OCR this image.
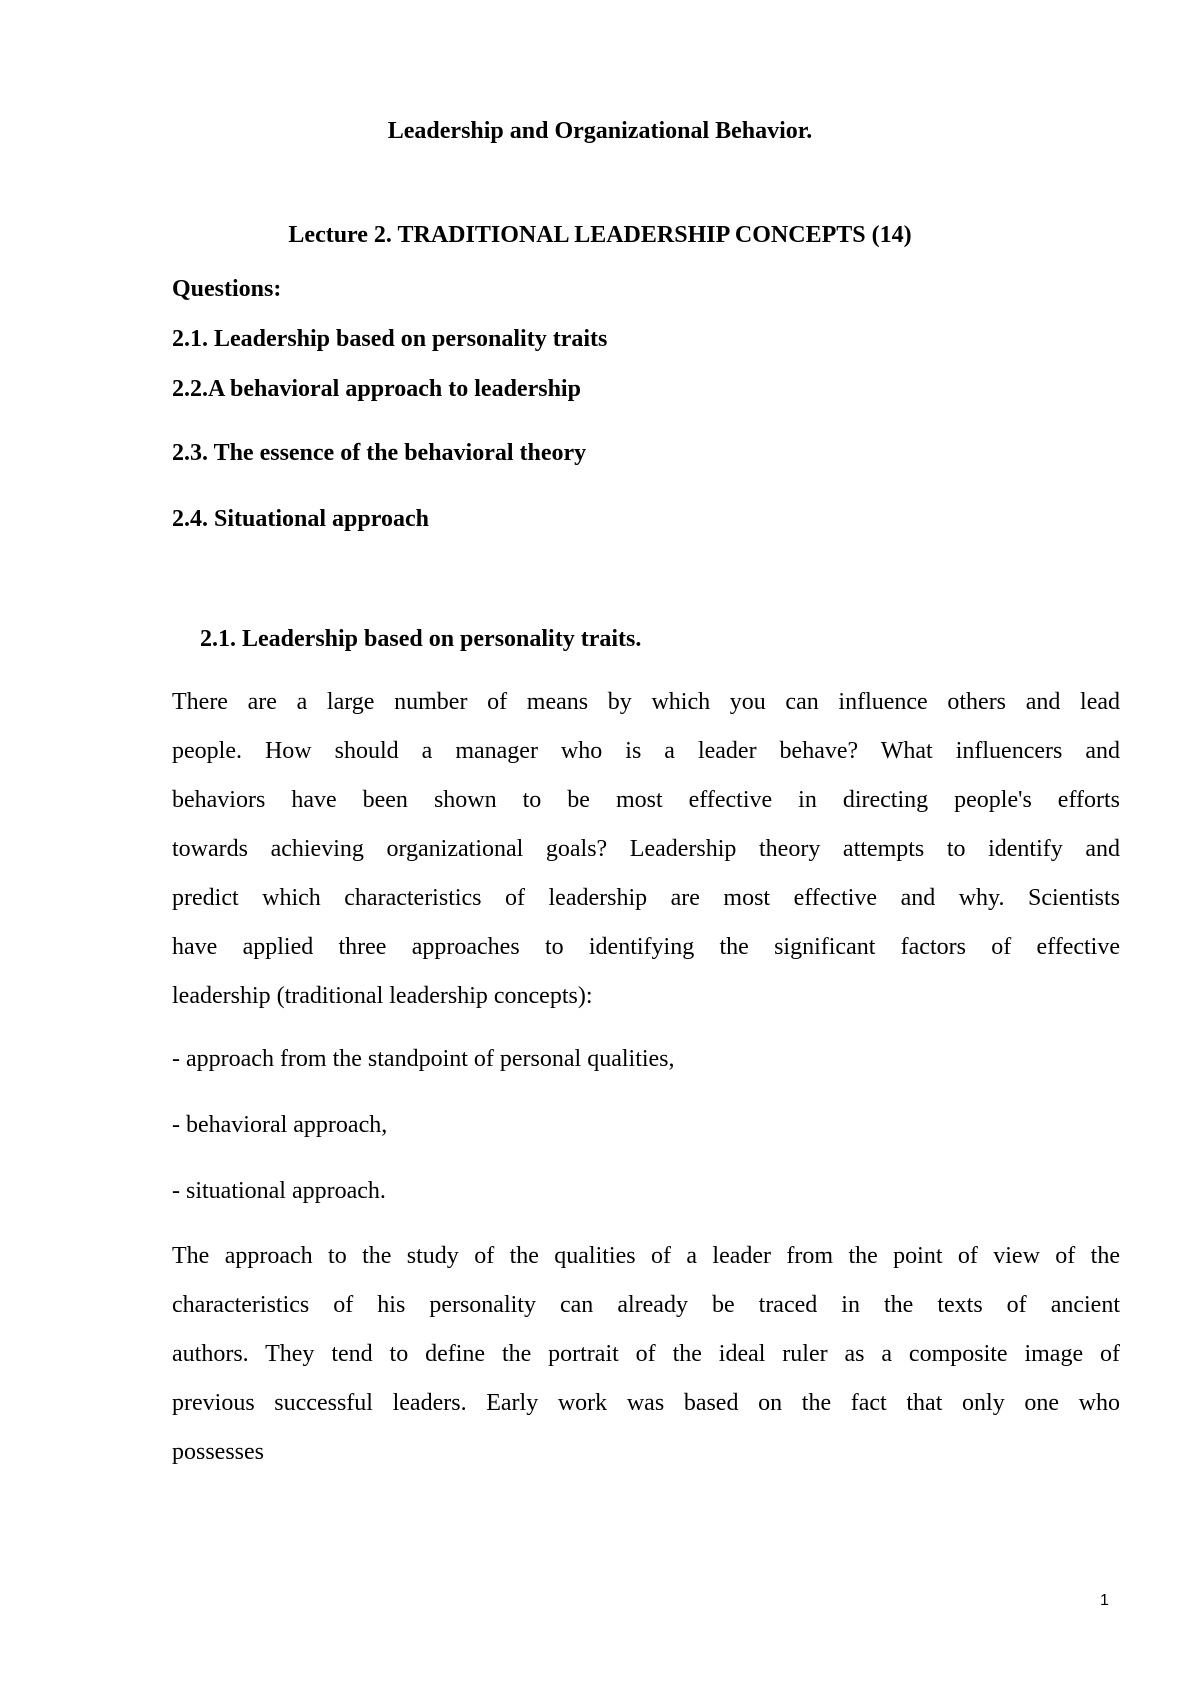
Leadership and Organizational Behavior.
Lecture 2. TRADITIONAL LEADERSHIP CONCEPTS (14)
Questions:
2.1. Leadership based on personality traits
2.2.A behavioral approach to leadership
2.3. The essence of the behavioral theory
2.4. Situational approach
2.1. Leadership based on personality traits.
There are a large number of means by which you can influence others and lead
people. How should a manager who is a leader behave? What influencers and
behaviors have been shown to be most effective in directing people's efforts
towards achieving organizational goals? Leadership theory attempts to identify and
predict which characteristics of leadership are most effective and why. Scientists
have applied three approaches to identifying the significant factors of effective
leadership (traditional leadership concepts):
- approach from the standpoint of personal qualities,
- behavioral approach,
- situational approach.
The approach to the study of the qualities of a leader from the point of view of the
characteristics of his personality can already be traced in the texts of ancient
authors. They tend to define the portrait of the ideal ruler as a composite image of
previous successful leaders. Early work was based on the fact that only one who
possesses
1
